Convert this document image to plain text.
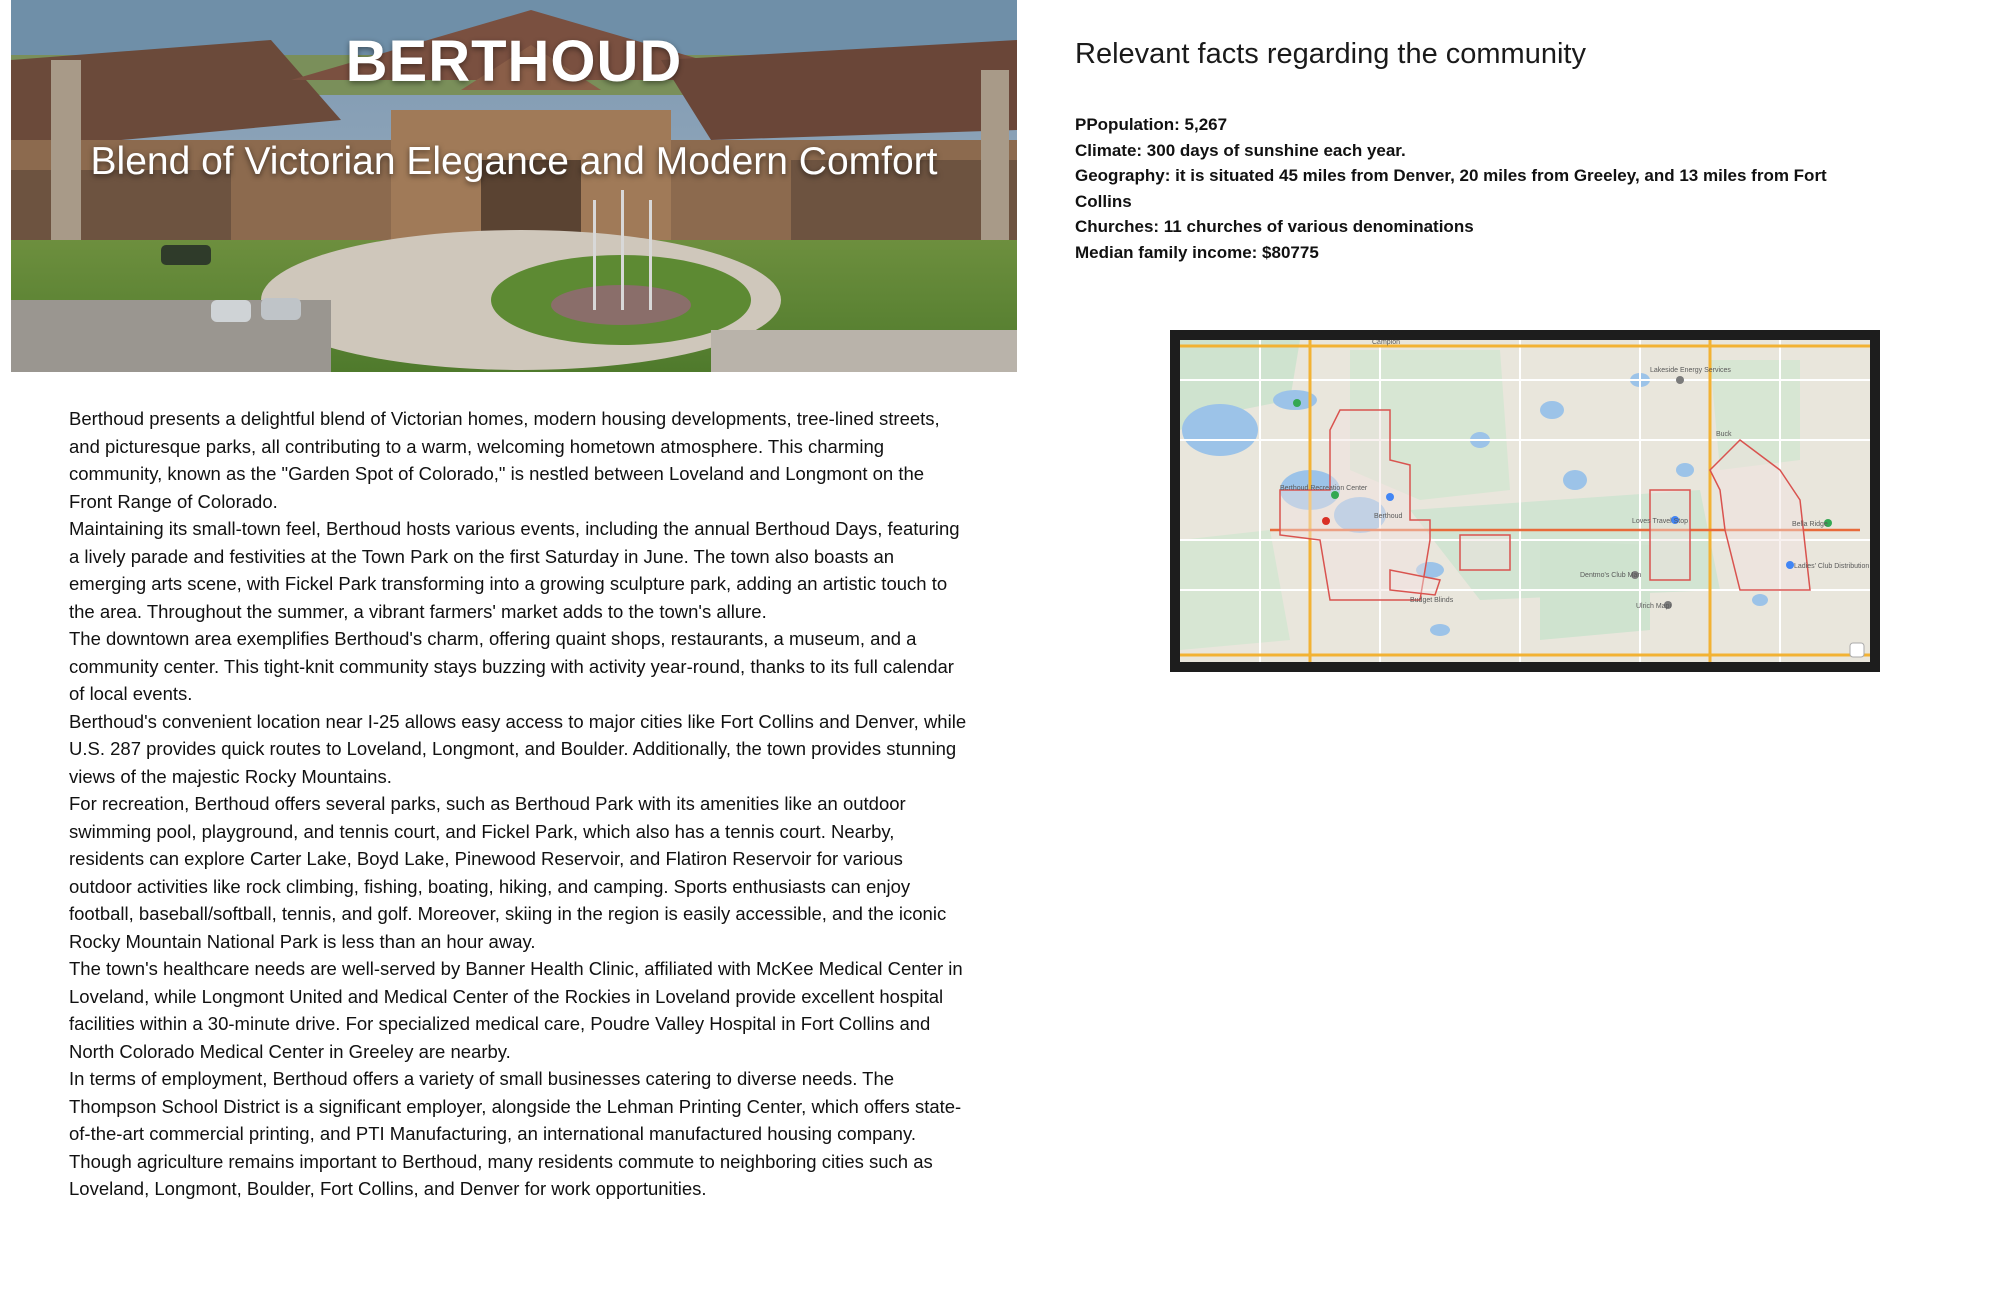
BERTHOUD
Blend of Victorian Elegance and Modern Comfort

Berthoud presents a delightful blend of Victorian homes, modern housing developments, tree-lined streets, and picturesque parks, all contributing to a warm, welcoming hometown atmosphere. This charming community, known as the "Garden Spot of Colorado," is nestled between Loveland and Longmont on the Front Range of Colorado.

Maintaining its small-town feel, Berthoud hosts various events, including the annual Berthoud Days, featuring a lively parade and festivities at the Town Park on the first Saturday in June. The town also boasts an emerging arts scene, with Fickel Park transforming into a growing sculpture park, adding an artistic touch to the area. Throughout the summer, a vibrant farmers' market adds to the town's allure.

The downtown area exemplifies Berthoud's charm, offering quaint shops, restaurants, a museum, and a community center. This tight-knit community stays buzzing with activity year-round, thanks to its full calendar of local events.

Berthoud's convenient location near I-25 allows easy access to major cities like Fort Collins and Denver, while U.S. 287 provides quick routes to Loveland, Longmont, and Boulder. Additionally, the town provides stunning views of the majestic Rocky Mountains.

For recreation, Berthoud offers several parks, such as Berthoud Park with its amenities like an outdoor swimming pool, playground, and tennis court, and Fickel Park, which also has a tennis court. Nearby, residents can explore Carter Lake, Boyd Lake, Pinewood Reservoir, and Flatiron Reservoir for various outdoor activities like rock climbing, fishing, boating, hiking, and camping. Sports enthusiasts can enjoy football, baseball/softball, tennis, and golf. Moreover, skiing in the region is easily accessible, and the iconic Rocky Mountain National Park is less than an hour away.

The town's healthcare needs are well-served by Banner Health Clinic, affiliated with McKee Medical Center in Loveland, while Longmont United and Medical Center of the Rockies in Loveland provide excellent hospital facilities within a 30-minute drive. For specialized medical care, Poudre Valley Hospital in Fort Collins and North Colorado Medical Center in Greeley are nearby.

In terms of employment, Berthoud offers a variety of small businesses catering to diverse needs. The Thompson School District is a significant employer, alongside the Lehman Printing Center, which offers state-of-the-art commercial printing, and PTI Manufacturing, an international manufactured housing company. Though agriculture remains important to Berthoud, many residents commute to neighboring cities such as Loveland, Longmont, Boulder, Fort Collins, and Denver for work opportunities.

Relevant facts regarding the community
PPopulation: 5,267
Climate: 300 days of sunshine each year.
Geography: it is situated 45 miles from Denver, 20 miles from Greeley, and 13 miles from Fort Collins
Churches: 11 churches of various denominations
Median family income: $80775
Berthoud
Berthoud Recreation Center
Budget Blinds
Ulrich Mapi
Loves Travel Stop	Bella Ridge
Lakeside Energy Services
Ladies' Club Distribution
Dentmo's Club Man
Buck
Campion
